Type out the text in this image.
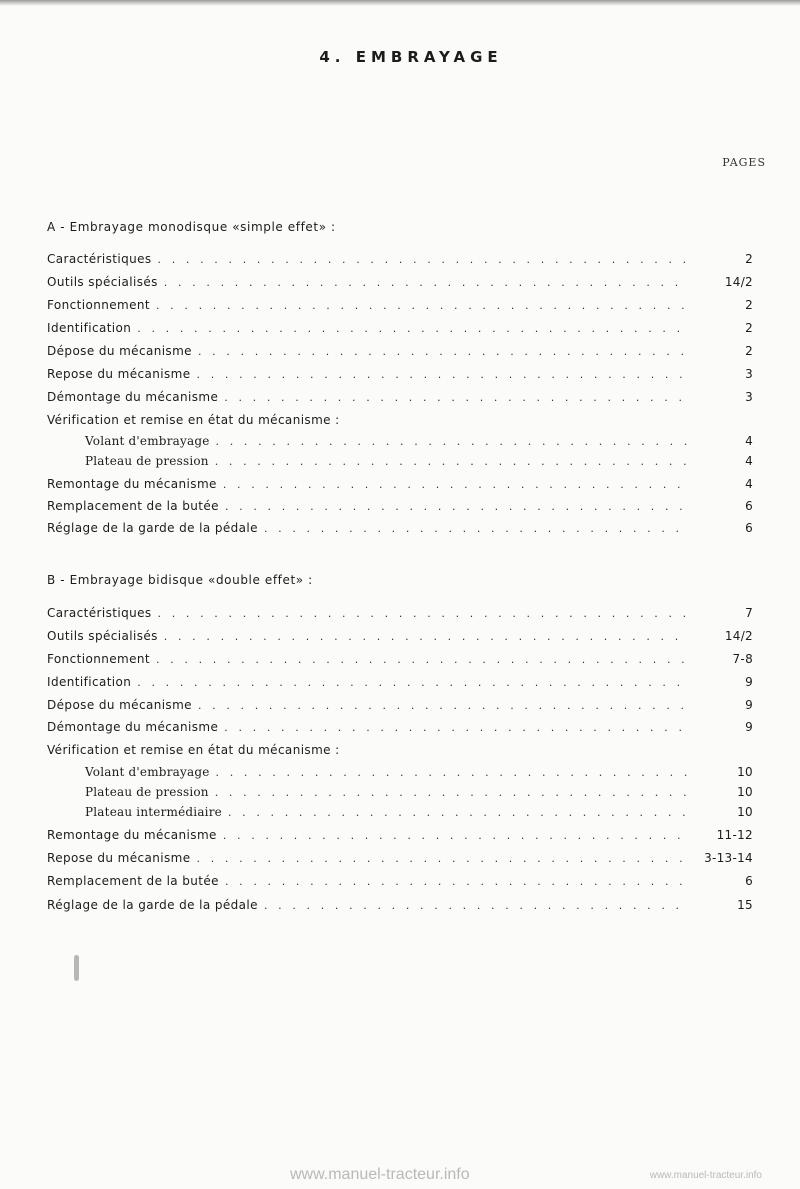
4. EMBRAYAGE
PAGES
A - Embrayage monodisque «simple effet» :
Caractéristiques . . .	2
Outils spécialisés . . .	14/2
Fonctionnement . . .	2
Identification . . .	2
Dépose du mécanisme . . .	2
Repose du mécanisme . . .	3
Démontage du mécanisme . . .	3
Vérification et remise en état du mécanisme :
Volant d'embrayage . . .	4
Plateau de pression . . .	4
Remontage du mécanisme . . .	4
Remplacement de la butée . . .	6
Réglage de la garde de la pédale . . .	6
B - Embrayage bidisque «double effet» :
Caractéristiques . . .	7
Outils spécialisés . . .	14/2
Fonctionnement . . .	7-8
Identification . . .	9
Dépose du mécanisme . . .	9
Démontage du mécanisme . . .	9
Vérification et remise en état du mécanisme :
Volant d'embrayage . . .	10
Plateau de pression . . .	10
Plateau intermédiaire . . .	10
Remontage du mécanisme . . .	11-12
Repose du mécanisme . . .	3-13-14
Remplacement de la butée . . .	6
Réglage de la garde de la pédale . . .	15
www.manuel-tracteur.info	www.manuel-tracteur.info
